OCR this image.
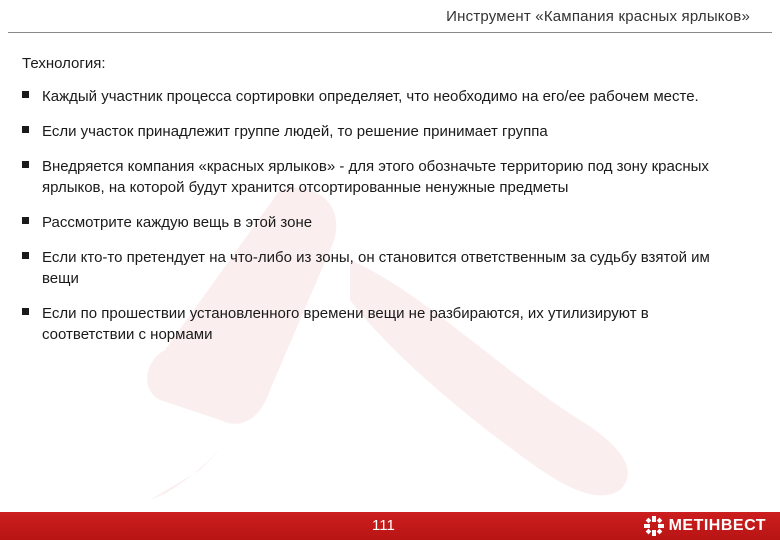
Инструмент «Кампания красных ярлыков»
Технология:
Каждый участник процесса сортировки определяет, что необходимо на его/ее рабочем месте.
Если участок принадлежит группе людей, то решение принимает группа
Внедряется компания «красных ярлыков» - для этого обозначьте территорию под зону красных ярлыков, на которой будут хранится отсортированные ненужные предметы
Рассмотрите каждую вещь в этой зоне
Если кто-то претендует на что-либо из зоны, он становится ответственным за судьбу взятой им вещи
Если по прошествии установленного времени вещи не разбираются, их утилизируют в соответствии с нормами
111	МЕТІНВЕСТ
